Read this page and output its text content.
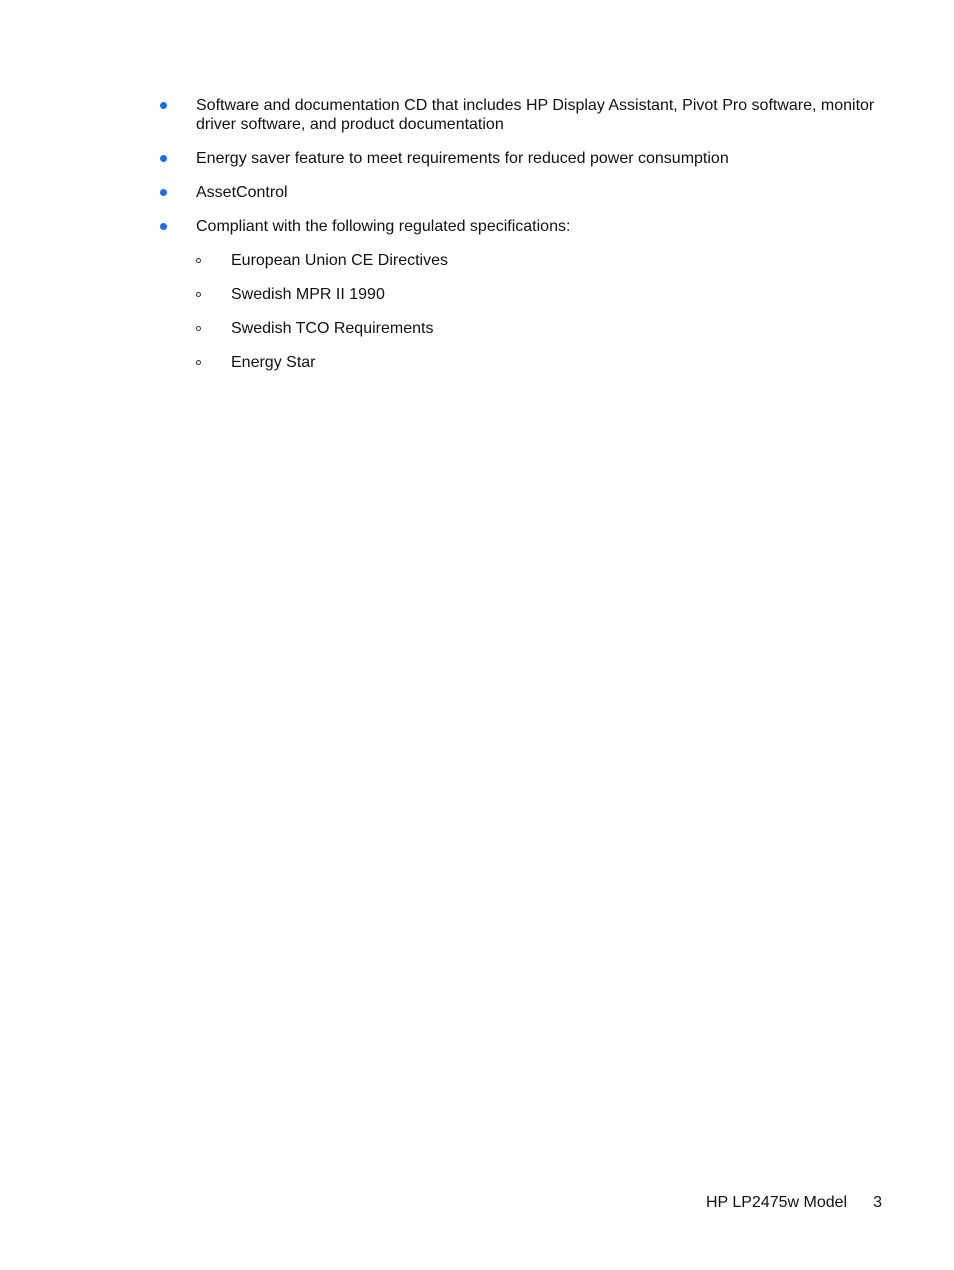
Software and documentation CD that includes HP Display Assistant, Pivot Pro software, monitor driver software, and product documentation
Energy saver feature to meet requirements for reduced power consumption
AssetControl
Compliant with the following regulated specifications:
European Union CE Directives
Swedish MPR II 1990
Swedish TCO Requirements
Energy Star
HP LP2475w Model 3
